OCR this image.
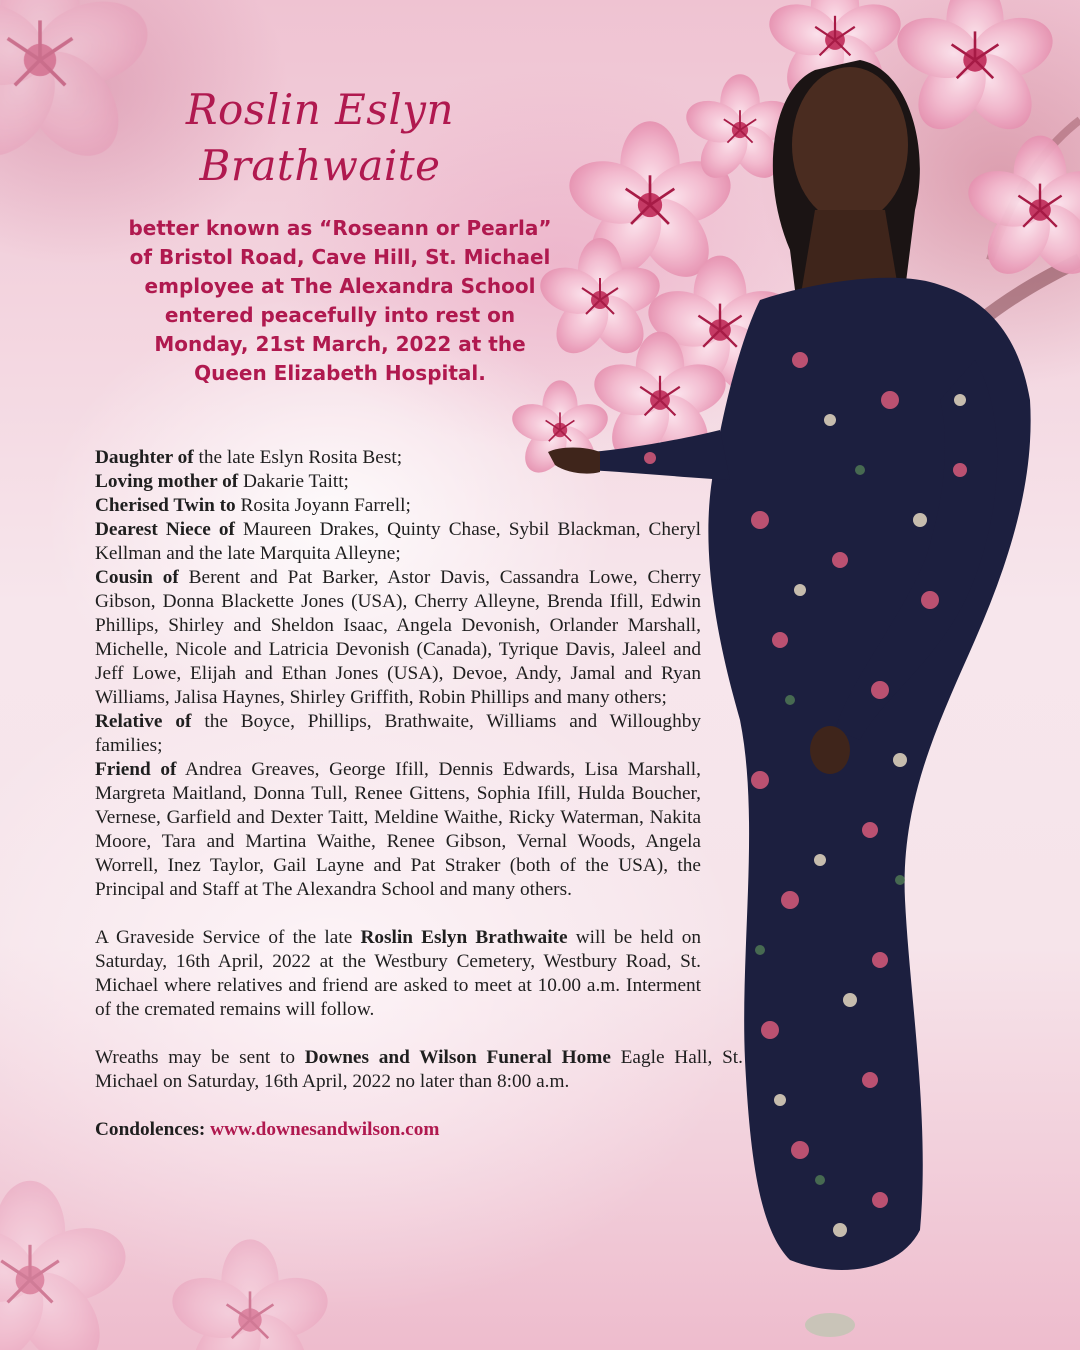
Roslin Eslyn
Brathwaite
better known as “Roseann or Pearla”
of Bristol Road, Cave Hill, St. Michael
employee at The Alexandra School
entered peacefully into rest on
Monday, 21st March, 2022 at the
Queen Elizabeth Hospital.

Daughter of the late Eslyn Rosita Best;

Loving mother of Dakarie Taitt;

Cherised Twin to Rosita Joyann Farrell;

Dearest Niece of Maureen Drakes, Quinty Chase, Sybil Blackman, Cheryl Kellman and the late Marquita Alleyne;

Cousin of Berent and Pat Barker, Astor Davis, Cassandra Lowe, Cherry Gibson, Donna Blackette Jones (USA), Cherry Alleyne, Brenda Ifill, Edwin Phillips, Shirley and Sheldon Isaac, Angela Devonish, Orlander Marshall, Michelle, Nicole and Latricia Devonish (Canada), Tyrique Davis, Jaleel and Jeff Lowe, Elijah and Ethan Jones (USA), Devoe, Andy, Jamal and Ryan Williams, Jalisa Haynes, Shirley Griffith, Robin Phillips and many others;

Relative of the Boyce, Phillips, Brathwaite, Williams and Willoughby families;

Friend of Andrea Greaves, George Ifill, Dennis Edwards, Lisa Marshall, Margreta Maitland, Donna Tull, Renee Gittens, Sophia Ifill, Hulda Boucher, Vernese, Garfield and Dexter Taitt, Meldine Waithe, Ricky Waterman, Nakita Moore, Tara and Martina Waithe, Renee Gibson, Vernal Woods, Angela Worrell, Inez Taylor, Gail Layne and Pat Straker (both of the USA), the Principal and Staff at The Alexandra School and many others.

A Graveside Service of the late Roslin Eslyn Brathwaite will be held on Saturday, 16th April, 2022 at the Westbury Cemetery, Westbury Road, St. Michael where relatives and friend are asked to meet at 10.00 a.m. Interment of the cremated remains will follow.

Wreaths may be sent to Downes and Wilson Funeral Home Eagle Hall, St. Michael on Saturday, 16th April, 2022 no later than 8:00 a.m.

Condolences: www.downesandwilson.com
